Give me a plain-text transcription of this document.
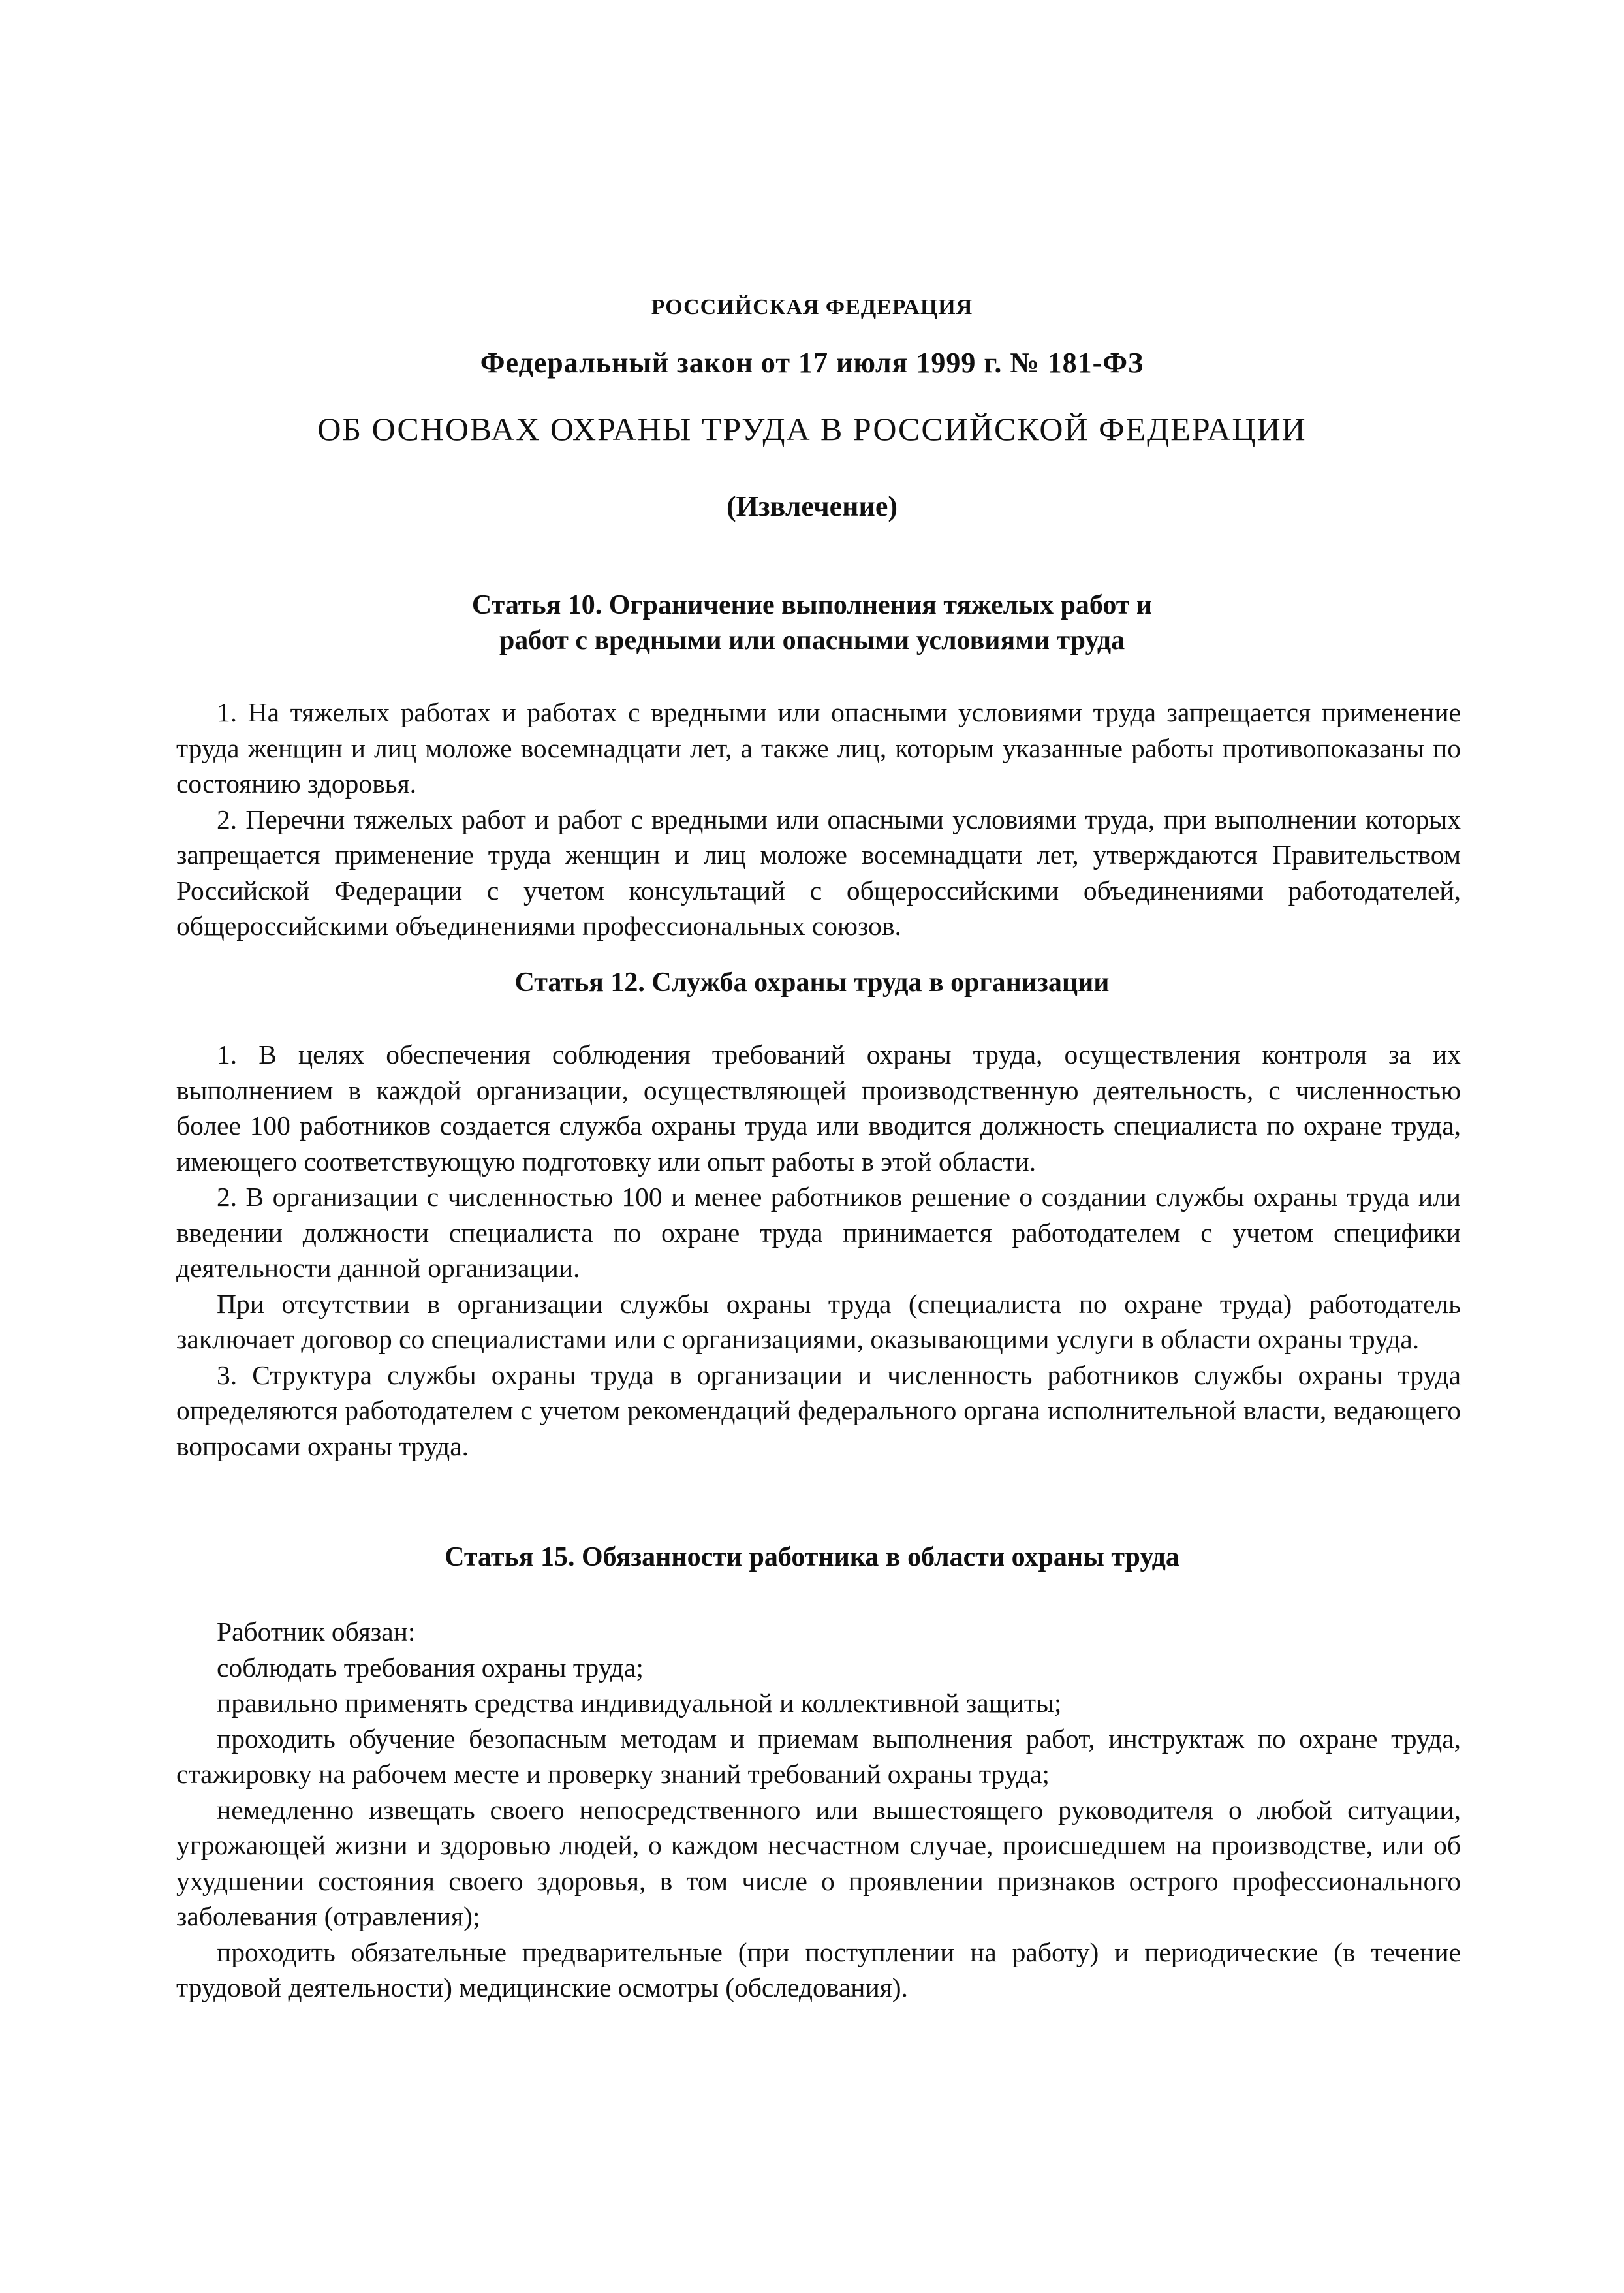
РОССИЙСКАЯ ФЕДЕРАЦИЯ
Федеральный закон от 17 июля 1999 г. № 181-ФЗ
ОБ ОСНОВАХ ОХРАНЫ ТРУДА В РОССИЙСКОЙ ФЕДЕРАЦИИ
(Извлечение)
Статья 10. Ограничение выполнения тяжелых работ и
работ с вредными или опасными условиями труда

1. На тяжелых работах и работах с вредными или опасными условиями труда запрещается применение труда женщин и лиц моложе восемнадцати лет, а также лиц, которым указанные работы противопоказаны по состоянию здоровья.

2. Перечни тяжелых работ и работ с вредными или опасными условиями труда, при выполнении которых запрещается применение труда женщин и лиц моложе восемнадцати лет, утверждаются Правительством Российской Федерации с учетом консультаций с общероссийскими объединениями работодателей, общероссийскими объединениями профессиональных союзов.

Статья 12. Служба охраны труда в организации

1. В целях обеспечения соблюдения требований охраны труда, осуществления контроля за их выполнением в каждой организации, осуществляющей производственную деятельность, с численностью более 100 работников создается служба охраны труда или вводится должность специалиста по охране труда, имеющего соответствующую подготовку или опыт работы в этой области.

2. В организации с численностью 100 и менее работников решение о создании службы охраны труда или введении должности специалиста по охране труда принимается работодателем с учетом специфики деятельности данной организации.

При отсутствии в организации службы охраны труда (специалиста по охране труда) работодатель заключает договор со специалистами или с организациями, оказывающими услуги в области охраны труда.

3. Структура службы охраны труда в организации и численность работников службы охраны труда определяются работодателем с учетом рекомендаций федерального органа исполнительной власти, ведающего вопросами охраны труда.

Статья 15. Обязанности работника в области охраны труда

Работник обязан:

соблюдать требования охраны труда;

правильно применять средства индивидуальной и коллективной защиты;

проходить обучение безопасным методам и приемам выполнения работ, инструктаж по охране труда, стажировку на рабочем месте и проверку знаний требований охраны труда;

немедленно извещать своего непосредственного или вышестоящего руководителя о любой ситуации, угрожающей жизни и здоровью людей, о каждом несчастном случае, происшедшем на производстве, или об ухудшении состояния своего здоровья, в том числе о проявлении признаков острого профессионального заболевания (отравления);

проходить обязательные предварительные (при поступлении на работу) и периодические (в течение трудовой деятельности) медицинские осмотры (обследования).
